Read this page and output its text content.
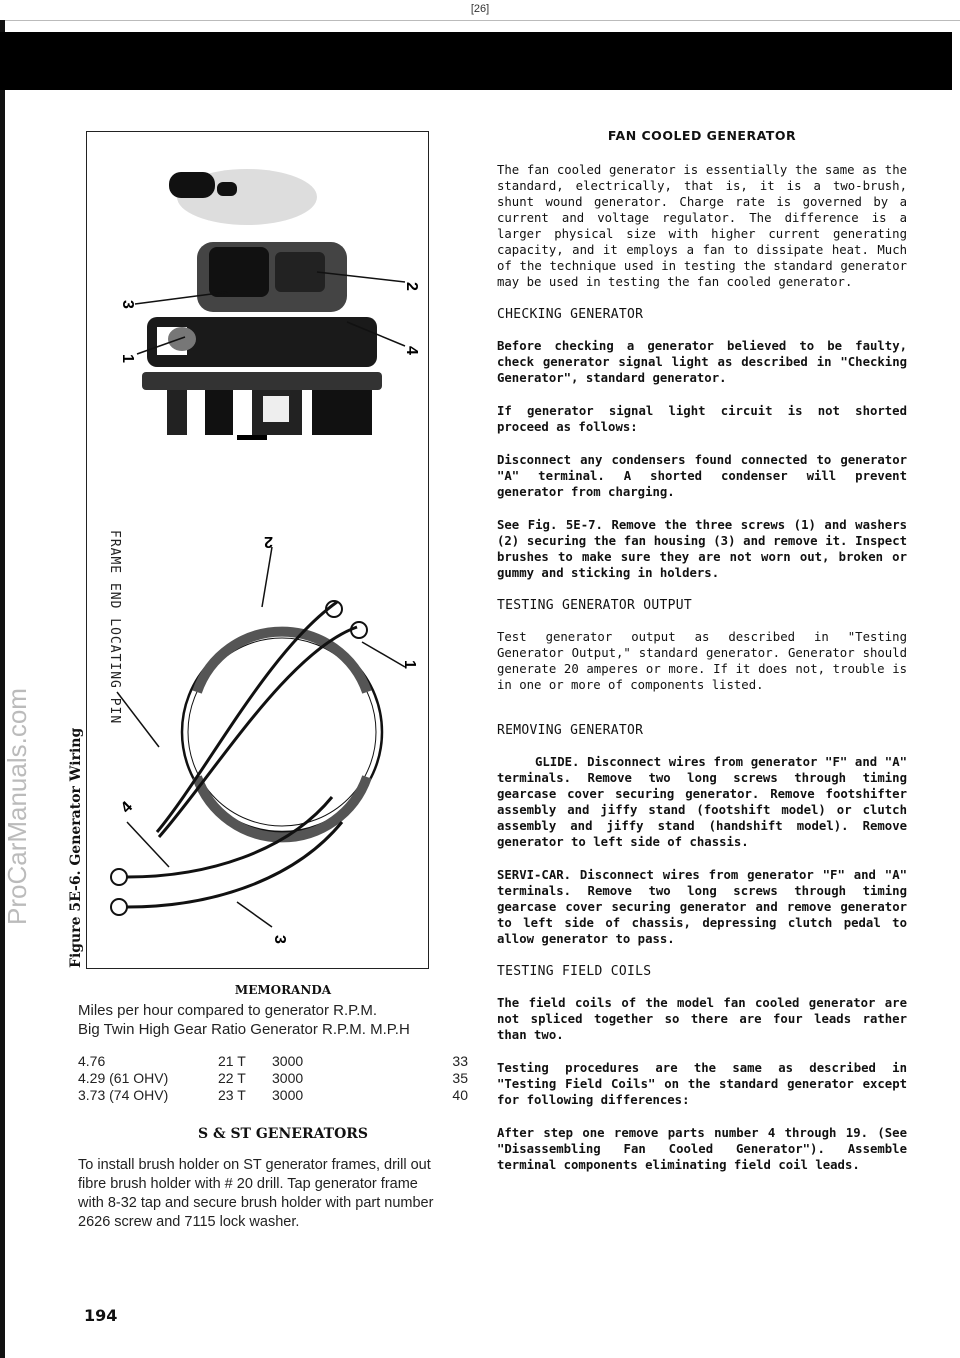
[26]
ProCarManuals.com	Figure 5E-6. Generator Wiring
2
3
4
1
2
1
4
3
FRAME END LOCATING PIN
MEMORANDA
Miles per hour compared to generator R.P.M.
Big Twin High Gear Ratio Generator R.P.M. M.P.H
4.76	21 T	3000	33
4.29 (61 OHV)	22 T	3000	35
3.73 (74 OHV)	23 T	3000	40
S & ST GENERATORS
To install brush holder on ST generator frames, drill out fibre brush holder with # 20 drill. Tap generator frame with 8-32 tap and secure brush holder with part number 2626 screw and 7115 lock washer.
194
FAN COOLED GENERATOR

The fan cooled generator is essentially the same as the standard, electrically, that is, it is a two-brush, shunt wound generator. Charge rate is governed by a current and voltage regulator. The difference is a larger physical size with higher current generating capacity, and it employs a fan to dissipate heat. Much of the technique used in testing the standard generator may be used in testing the fan cooled generator.

CHECKING GENERATOR

Before checking a generator believed to be faulty, check generator signal light as described in "Checking Generator", standard generator.

If generator signal light circuit is not shorted proceed as follows:

Disconnect any condensers found connected to generator "A" terminal. A shorted condenser will prevent generator from charging.

See Fig. 5E-7. Remove the three screws (1) and washers (2) securing the fan housing (3) and remove it. Inspect brushes to make sure they are not worn out, broken or gummy and sticking in holders.

TESTING GENERATOR OUTPUT

Test generator output as described in "Testing Generator Output," standard generator. Generator should generate 20 amperes or more. If it does not, trouble is in one or more of components listed.

REMOVING GENERATOR

GLIDE. Disconnect wires from generator "F" and "A" terminals. Remove two long screws through timing gearcase cover securing generator. Remove footshifter assembly and jiffy stand (footshift model) or clutch assembly and jiffy stand (handshift model). Remove generator to left side of chassis.

SERVI-CAR. Disconnect wires from generator "F" and "A" terminals. Remove two long screws through timing gearcase cover securing generator and remove generator to left side of chassis, depressing clutch pedal to allow generator to pass.

TESTING FIELD COILS

The field coils of the model fan cooled generator are not spliced together so there are four leads rather than two.

Testing procedures are the same as described in "Testing Field Coils" on the standard generator except for following differences:

After step one remove parts number 4 through 19. (See "Disassembling Fan Cooled Generator"). Assemble terminal components eliminating field coil leads.
